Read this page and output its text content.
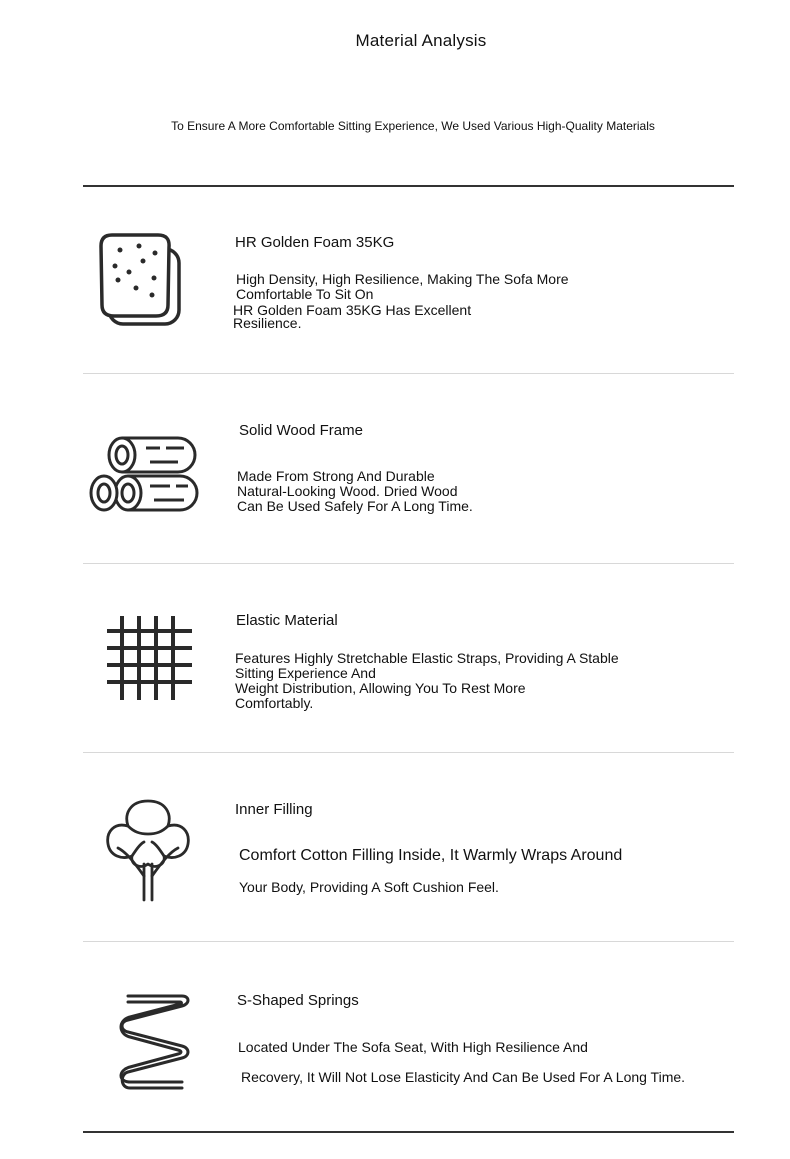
Material Analysis
To Ensure A More Comfortable Sitting Experience, We Used Various High-Quality Materials
HR Golden Foam 35KG
High Density, High Resilience, Making The Sofa More
Comfortable To Sit On
HR Golden Foam 35KG Has Excellent
Resilience.
Solid Wood Frame
Made From Strong And Durable
Natural-Looking Wood. Dried Wood
Can Be Used Safely For A Long Time.
Elastic Material
Features Highly Stretchable Elastic Straps, Providing A Stable
Sitting Experience And
Weight Distribution, Allowing You To Rest More
Comfortably.
Inner Filling
Comfort Cotton Filling Inside, It Warmly Wraps Around
Your Body, Providing A Soft Cushion Feel.
S-Shaped Springs
Located Under The Sofa Seat, With High Resilience And
Recovery, It Will Not Lose Elasticity And Can Be Used For A Long Time.
